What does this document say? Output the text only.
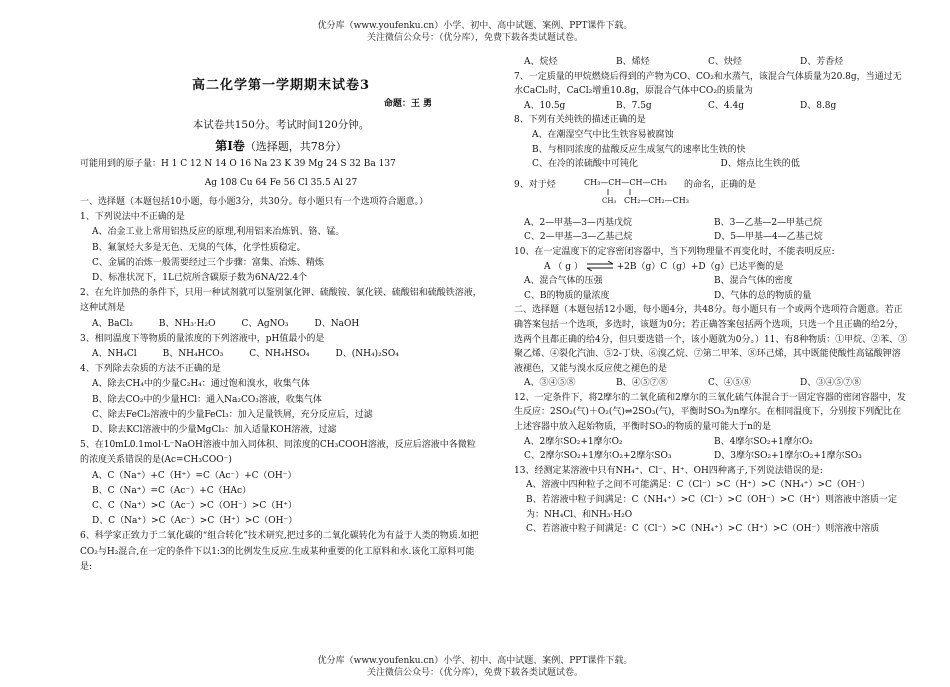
优分库（www.youfenku.cn）小学、初中、高中试题、案例、PPT课件下载。
关注微信公众号：（优分库），免费下载各类试题试卷。
高二化学第一学期期末试卷3
命题：王 勇
本试卷共150分。考试时间120分钟。
第Ⅰ卷（选择题，共78分）
可能用到的原子量：H 1 C 12 N 14 O 16 Na 23 K 39 Mg 24 S 32 Ba 137
Ag 108 Cu 64 Fe 56 Cl 35.5 Al 27
一、选择题（本题包括10小题，每小题3分，共30分。每小题只有一个选项符合题意。）
1、下列说法中不正确的是
A、冶金工业上常用铝热反应的原理,利用铝来冶炼钒、铬、锰。
B、氟氯烃大多是无色、无臭的气体，化学性质稳定。
C、金属的冶炼一般需要经过三个步骤：富集、冶炼、精炼
D、标准状况下，1L已烷所含碳原子数为6NA/22.4个
2、在允许加热的条件下，只用一种试剂就可以鉴别氯化钾、硫酸铵、氯化镁、硫酸铝和硫酸铁溶液，这种试剂是
A、BaCl₂	B、NH₃·H₂O	C、AgNO₃	D、NaOH
3、相同温度下等物质的量浓度的下列溶液中，pH值最小的是
A、NH₄Cl	B、NH₄HCO₃	C、NH₄HSO₄	D、(NH₄)₂SO₄
4、下列除去杂质的方法不正确的是
A、除去CH₄中的少量C₂H₄：通过饱和溴水，收集气体
B、除去CO₂中的少量HCl：通入Na₂CO₃溶液，收集气体
C、除去FeCl₂溶液中的少量FeCl₃：加入足量铁屑，充分反应后，过滤
D、除去KCl溶液中的少量MgCl₂：加入适量KOH溶液，过滤
5、在10mL0.1mol·L⁻NaOH溶液中加入同体积、同浓度的CH₃COOH溶液，反应后溶液中各微粒的浓度关系错误的是(Ac=CH₃COO⁻)
A、C（Na⁺）+C（H⁺）=C（Ac⁻）+C（OH⁻）
B、C（Na⁺）=C（Ac⁻）+C（HAc）
C、C（Na⁺）>C（Ac⁻）>C（OH⁻）>C（H⁺）
D、C（Na⁺）>C（Ac⁻）>C（H⁺）>C（OH⁻）
6、科学家正致力于二氧化碳的“组合转化”技术研究,把过多的二氧化碳转化为有益于人类的物质.如把CO₂与H₂混合,在一定的条件下以1:3的比例发生反应.生成某种重要的化工原料和水.该化工原料可能是:
A、烷烃	B、烯烃	C、炔烃	D、芳香烃
7、一定质量的甲烷燃烧后得到的产物为CO、CO₂和水蒸气，该混合气体质量为20.8g，当通过无水CaCl₂时，CaCl₂增重10.8g，原混合气体中CO₂的质量为
A、10.5g	B、7.5g	C、4.4g	D、8.8g
8、下列有关纯铁的描述正确的是
A、在潮湿空气中比生铁容易被腐蚀
B、与相同浓度的盐酸反应生成氢气的速率比生铁的快
C、在冷的浓硫酸中可钝化	D、熔点比生铁的低
9、对于烃	CH₃—CH—CH—CH₃
CH₃ CH₂—CH₂—CH₃
的命名，正确的是
A、2—甲基—3—丙基戊烷	B、3—乙基—2—甲基己烷
C、2—甲基—3—乙基己烷	D、5—甲基—4—乙基己烷
10、在一定温度下的定容密闭容器中，当下列物理量不再变化时，不能表明反应:
A （ g ） ⇌ +2B（g）C（g）+D（g）已达平衡的是
A、混合气体的压强	B、混合气体的密度
C、B的物质的量浓度	D、气体的总的物质的量
二、选择题（本题包括12小题，每小题4分，共48分。每小题只有一个或两个选项符合题意。若正确答案包括一个选项，多选时，该题为0分；若正确答案包括两个选项，只选一个且正确的给2分，选两个且都正确的给4分，但只要选错一个，该小题就为0分。）11、有8种物质：①甲烷、②苯、③聚乙烯、④裂化汽油、⑤2-丁炔、⑥溴乙烷、⑦第二甲苯、⑧环己烯，其中既能使酸性高锰酸钾溶液褪色，又能与溴水反应使之褪色的是
A、③④⑤⑧	B、④⑤⑦⑧	C、④⑤⑧	D、③④⑤⑦⑧
12、一定条件下，将2摩尔的二氧化硫和2摩尔的三氧化硫气体混合于一固定容器的密闭容器中，发生反应：2SO₂(气)＋O₂(气)⇌2SO₃(气)，平衡时SO₃为n摩尔。在相同温度下，分别按下列配比在上述容器中放入起始物质，平衡时SO₃的物质的量可能大于n的是
A、2摩尔SO₂+1摩尔O₂	B、4摩尔SO₂+1摩尔O₂
C、2摩尔SO₂+1摩尔O₂+2摩尔SO₃	D、3摩尔SO₂+1摩尔O₂+1摩尔SO₃
13、经测定某溶液中只有NH₄⁺、Cl⁻、H⁺、OH四种离子,下列说法错误的是:
A、溶液中四种粒子之间不可能满足：C（Cl⁻）>C（H⁺）>C（NH₄⁺）>C（OH⁻）
B、若溶液中粒子间满足：C（NH₄⁺）>C（Cl⁻）>C（OH⁻）>C（H⁺）则溶液中溶质一定
为：NH₄Cl、和NH₃·H₂O
C、若溶液中粒子间满足：C（Cl⁻）>C（NH₄⁺）>C（H⁺）>C（OH⁻）则溶液中溶质
优分库（www.youfenku.cn）小学、初中、高中试题、案例、PPT课件下载。
关注微信公众号：（优分库），免费下载各类试题试卷。
